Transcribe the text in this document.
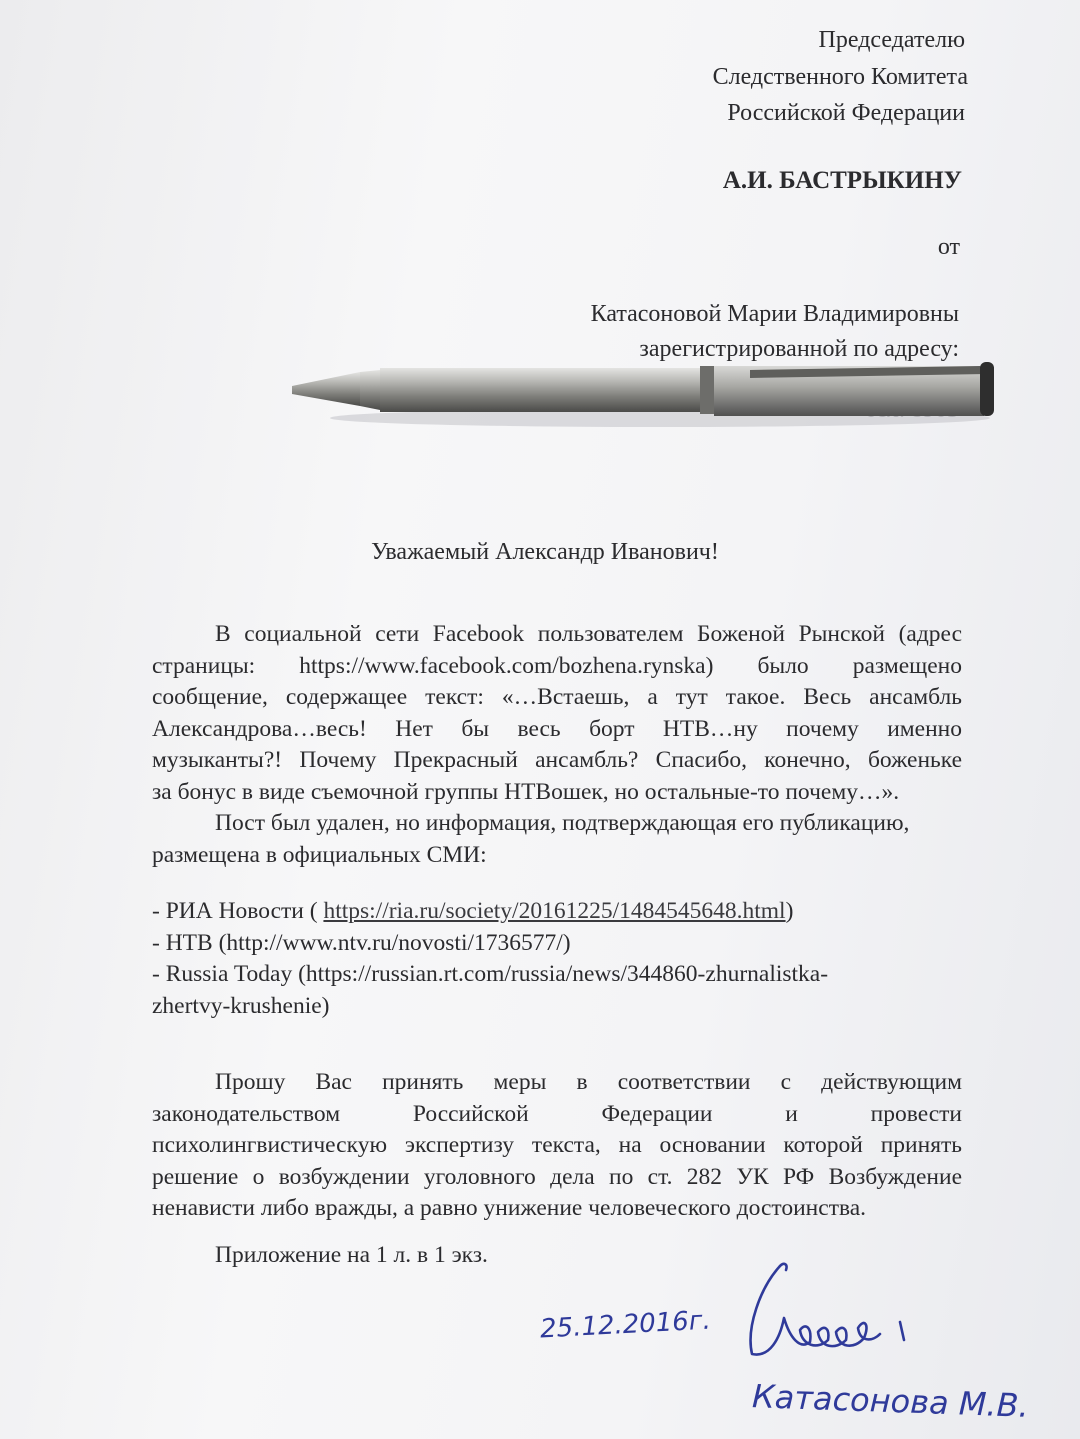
Председателю
Следственного Комитета
Российской Федерации
А.И. БАСТРЫКИНУ
от
Катасоновой Марии Владимировны
зарегистрированной по адресу:
Уважаемый Александр Иванович!
В социальной сети Facebook пользователем Боженой Рынской (адрес
страницы: https://www.facebook.com/bozhena.rynska) было размещено
сообщение, содержащее текст: «…Встаешь, а тут такое. Весь ансамбль
Александрова…весь! Нет бы весь борт НТВ…ну почему именно
музыканты?! Почему Прекрасный ансамбль? Спасибо, конечно, боженьке
за бонус в виде съемочной группы НТВошек, но остальные-то почему…».
Пост был удален, но информация, подтверждающая его публикацию,
размещена в официальных СМИ:
- РИА Новости ( https://ria.ru/society/20161225/1484545648.html)
- НТВ (http://www.ntv.ru/novosti/1736577/)
- Russia Today (https://russian.rt.com/russia/news/344860-zhurnalistka-
zhertvy-krushenie)
Прошу Вас принять меры в соответствии с действующим
законодательством Российской Федерации и провести
психолингвистическую экспертизу текста, на основании которой принять
решение о возбуждении уголовного дела по ст. 282 УК РФ Возбуждение
ненависти либо вражды, а равно унижение человеческого достоинства.
Приложение на 1 л. в 1 экз.
25.12.2016г.
Катасонова М.В.
